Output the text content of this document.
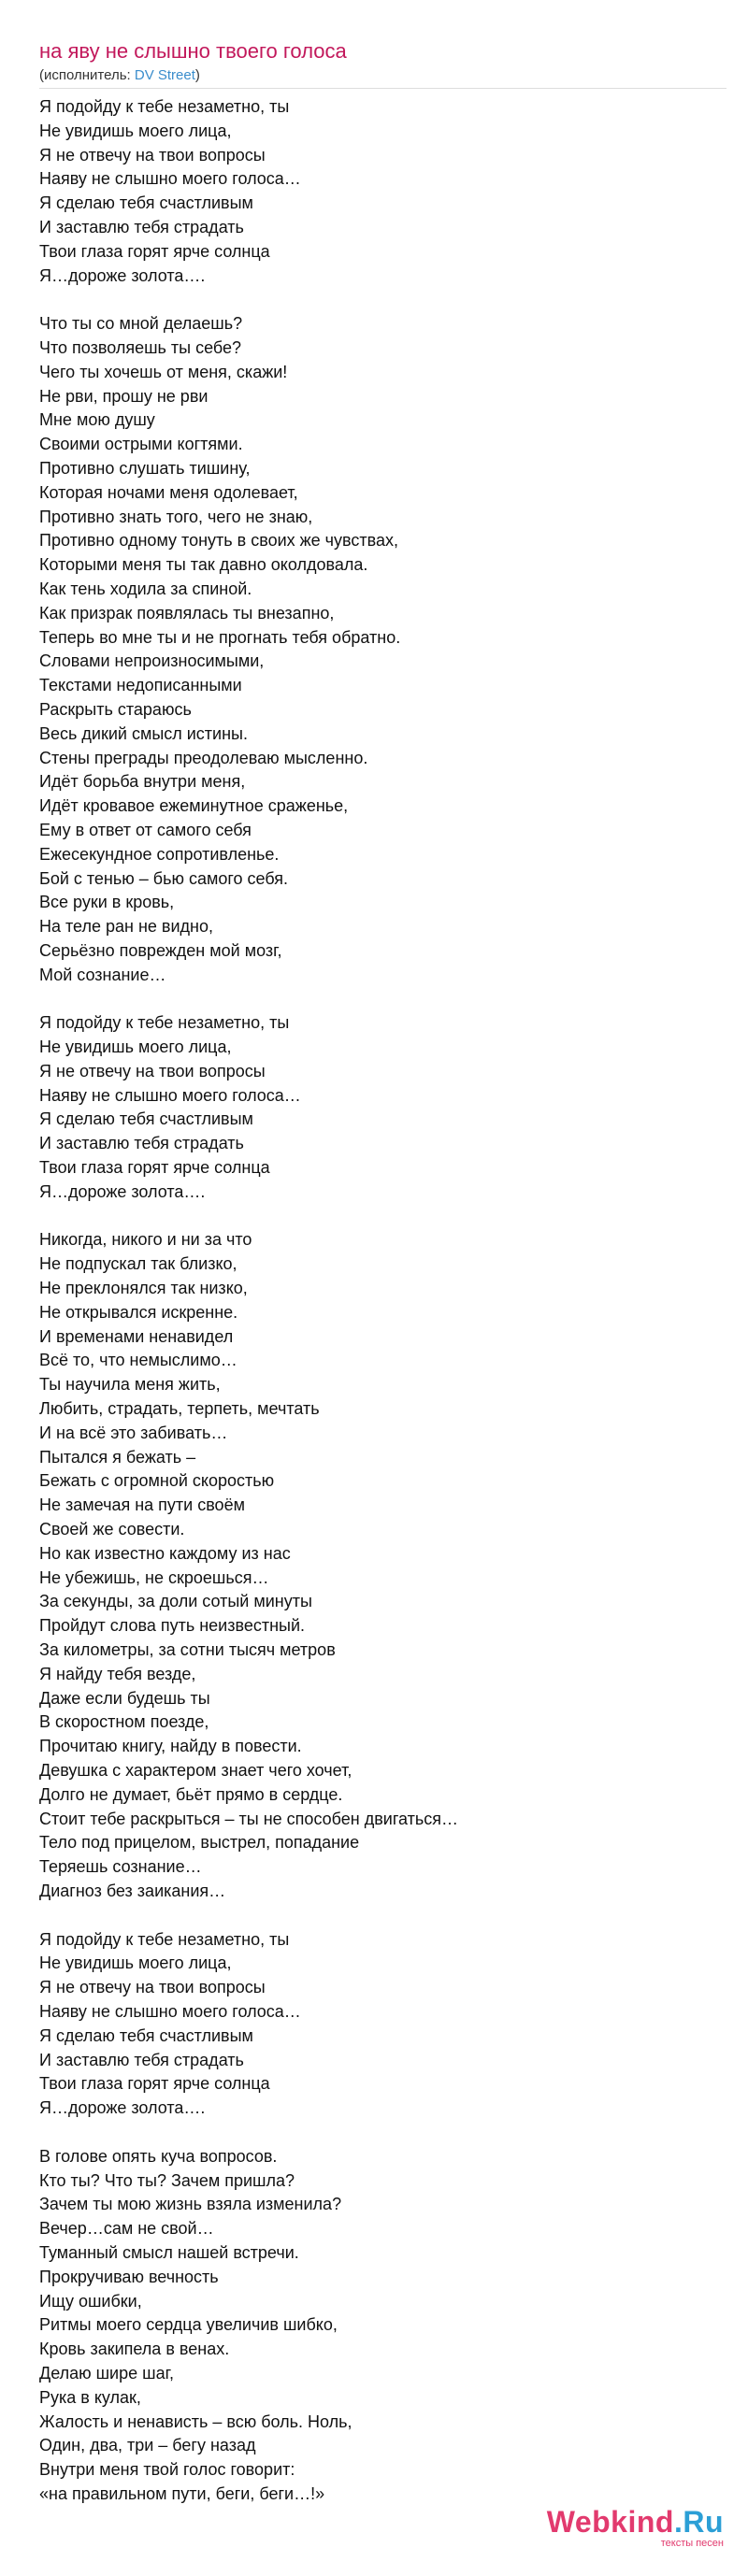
на яву не слышно твоего голоса
(исполнитель: DV Street)
Я подойду к тебе незаметно, ты
Не увидишь моего лица,
Я не отвечу на твои вопросы
Наяву не слышно моего голоса…
Я сделаю тебя счастливым
И заставлю тебя страдать
Твои глаза горят ярче солнца
Я…дороже золота….
Что ты со мной делаешь?
Что позволяешь ты себе?
Чего ты хочешь от меня, скажи!
Не рви, прошу не рви
Мне мою душу
Своими острыми когтями.
Противно слушать тишину,
Которая ночами меня одолевает,
Противно знать того, чего не знаю,
Противно одному тонуть в своих же чувствах,
Которыми меня ты так давно околдовала.
Как тень ходила за спиной.
Как призрак появлялась ты внезапно,
Теперь во мне ты и не прогнать тебя обратно.
Словами непроизносимыми,
Текстами недописанными
Раскрыть стараюсь
Весь дикий смысл истины.
Стены преграды преодолеваю мысленно.
Идёт борьба внутри меня,
Идёт кровавое ежеминутное сраженье,
Ему в ответ от самого себя
Ежесекундное сопротивленье.
Бой с тенью – бью самого себя.
Все руки в кровь,
На теле ран не видно,
Серьёзно поврежден мой мозг,
Мой сознание…
Я подойду к тебе незаметно, ты
Не увидишь моего лица,
Я не отвечу на твои вопросы
Наяву не слышно моего голоса…
Я сделаю тебя счастливым
И заставлю тебя страдать
Твои глаза горят ярче солнца
Я…дороже золота….
Никогда, никого и ни за что
Не подпускал так близко,
Не преклонялся так низко,
Не открывался искренне.
И временами ненавидел
Всё то, что немыслимо…
Ты научила меня жить,
Любить, страдать, терпеть, мечтать
И на всё это забивать…
Пытался я бежать –
Бежать с огромной скоростью
Не замечая на пути своём
Своей же совести.
Но как известно каждому из нас
Не убежишь, не скроешься…
За секунды, за доли сотый минуты
Пройдут слова путь неизвестный.
За километры, за сотни тысяч метров
Я найду тебя везде,
Даже если будешь ты
В скоростном поезде,
Прочитаю книгу, найду в повести.
Девушка с характером знает чего хочет,
Долго не думает, бьёт прямо в сердце.
Стоит тебе раскрыться – ты не способен двигаться…
Тело под прицелом, выстрел, попадание
Теряешь сознание…
Диагноз без заикания…
Я подойду к тебе незаметно, ты
Не увидишь моего лица,
Я не отвечу на твои вопросы
Наяву не слышно моего голоса…
Я сделаю тебя счастливым
И заставлю тебя страдать
Твои глаза горят ярче солнца
Я…дороже золота….
В голове опять куча вопросов.
Кто ты? Что ты? Зачем пришла?
Зачем ты мою жизнь взяла изменила?
Вечер…сам не свой…
Туманный смысл нашей встречи.
Прокручиваю вечность
Ищу ошибки,
Ритмы моего сердца увеличив шибко,
Кровь закипела в венах.
Делаю шире шаг,
Рука в кулак,
Жалость и ненависть – всю боль. Ноль,
Один, два, три – бегу назад
Внутри меня твой голос говорит:
«на правильном пути, беги, беги…!»
Webkind.Ru
тексты песен
